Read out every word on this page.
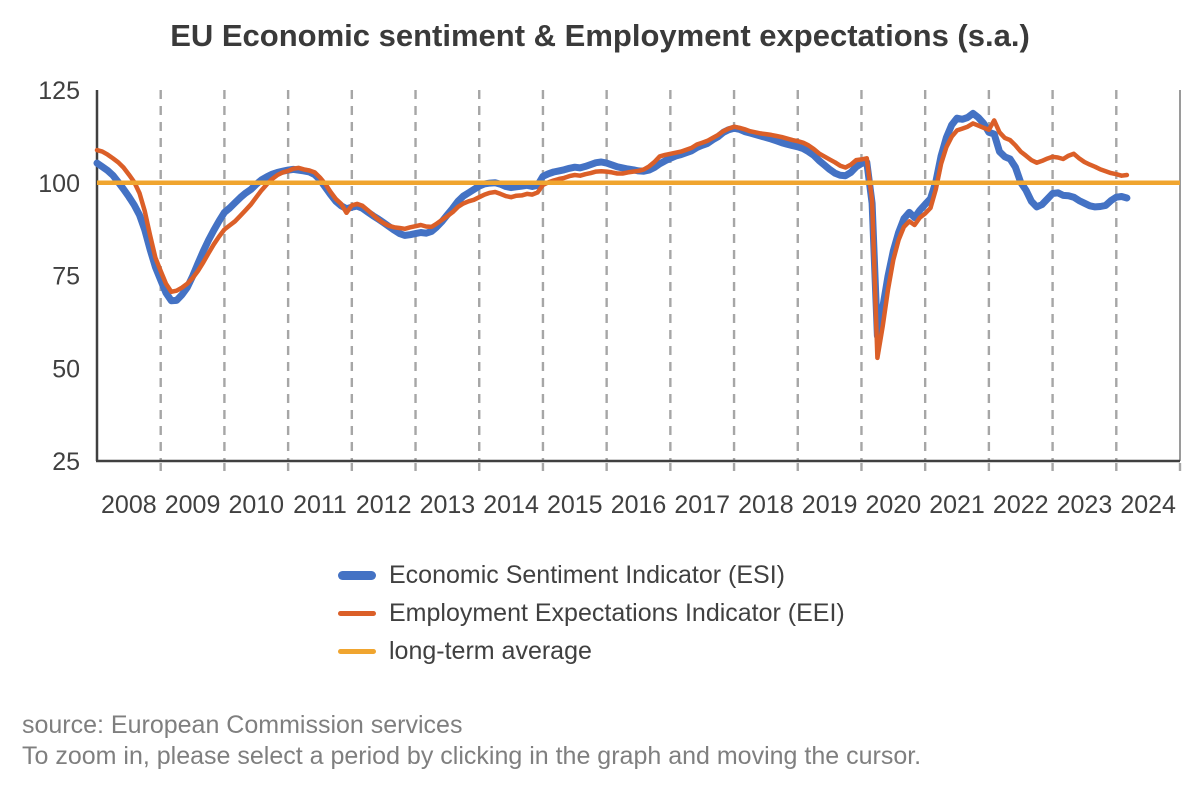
EU Economic sentiment & Employment expectations (s.a.)
25
50
75
100
125
2008 2009 2010 2011 2012 2013 2014 2015 2016 2017 2018 2019 2020 2021 2022 2023 2024
Economic Sentiment Indicator (ESI)
Employment Expectations Indicator (EEI)
long-term average
source: European Commission services
To zoom in, please select a period by clicking in the graph and moving the cursor.
